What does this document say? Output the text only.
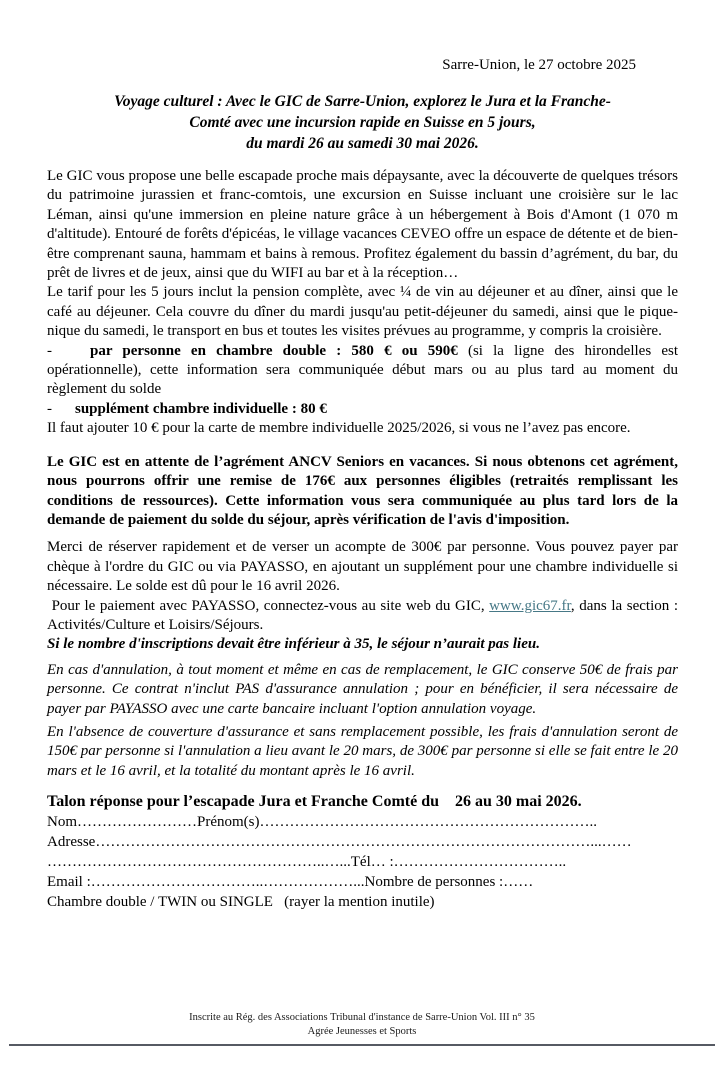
Sarre-Union, le 27 octobre 2025
Voyage culturel : Avec le GIC de Sarre-Union, explorez le Jura et la Franche-
Comté avec une incursion rapide en Suisse en 5 jours,
du mardi 26 au samedi 30 mai 2026.

Le GIC vous propose une belle escapade proche mais dépaysante, avec la découverte de quelques trésors du patrimoine jurassien et franc-comtois, une excursion en Suisse incluant une croisière sur le lac Léman, ainsi qu'une immersion en pleine nature grâce à un hébergement à Bois d'Amont (1 070 m d'altitude). Entouré de forêts d'épicéas, le village vacances CEVEO offre un espace de détente et de bien-être comprenant sauna, hammam et bains à remous. Profitez également du bassin d’agrément, du bar, du prêt de livres et de jeux, ainsi que du WIFI au bar et à la réception…

Le tarif pour les 5 jours inclut la pension complète, avec ¼ de vin au déjeuner et au dîner, ainsi que le café au déjeuner. Cela couvre du dîner du mardi jusqu'au petit-déjeuner du samedi, ainsi que le pique-nique du samedi, le transport en bus et toutes les visites prévues au programme, y compris la croisière.

-	par personne en chambre double : 580 € ou 590€ (si la ligne des hirondelles est opérationnelle), cette information sera communiquée début mars ou au plus tard au moment du règlement du solde

- supplément chambre individuelle : 80 €

Il faut ajouter 10 € pour la carte de membre individuelle 2025/2026, si vous ne l’avez pas encore.

Le GIC est en attente de l’agrément ANCV Seniors en vacances. Si nous obtenons cet agrément, nous pourrons offrir une remise de 176€ aux personnes éligibles (retraités remplissant les conditions de ressources). Cette information vous sera communiquée au plus tard lors de la demande de paiement du solde du séjour, après vérification de l'avis d'imposition.

Merci de réserver rapidement et de verser un acompte de 300€ par personne. Vous pouvez payer par chèque à l'ordre du GIC ou via PAYASSO, en ajoutant un supplément pour une chambre individuelle si nécessaire. Le solde est dû pour le 16 avril 2026.

Pour le paiement avec PAYASSO, connectez-vous au site web du GIC, www.gic67.fr, dans la section : Activités/Culture et Loisirs/Séjours.

Si le nombre d'inscriptions devait être inférieur à 35, le séjour n’aurait pas lieu.

En cas d'annulation, à tout moment et même en cas de remplacement, le GIC conserve 50€ de frais par personne. Ce contrat n'inclut PAS d'assurance annulation ; pour en bénéficier, il sera nécessaire de payer par PAYASSO avec une carte bancaire incluant l'option annulation voyage.

En l'absence de couverture d'assurance et sans remplacement possible, les frais d'annulation seront de 150€ par personne si l'annulation a lieu avant le 20 mars, de 300€ par personne si elle se fait entre le 20 mars et le 16 avril, et la totalité du montant après le 16 avril.

Talon réponse pour l’escapade Jura et Franche Comté du    26 au 30 mai 2026.

Nom……………………Prénom(s)…………………………………………………………..

Adresse………………………………………………………………………………………...……

………………………………………………..…...Tél… :……………………………..

Email :……………………………..………………...Nombre de personnes :……

Chambre double / TWIN ou SINGLE   (rayer la mention inutile)

Inscrite au Rég. des Associations Tribunal d'instance de Sarre-Union Vol. III n° 35
Agrée Jeunesses et Sports
